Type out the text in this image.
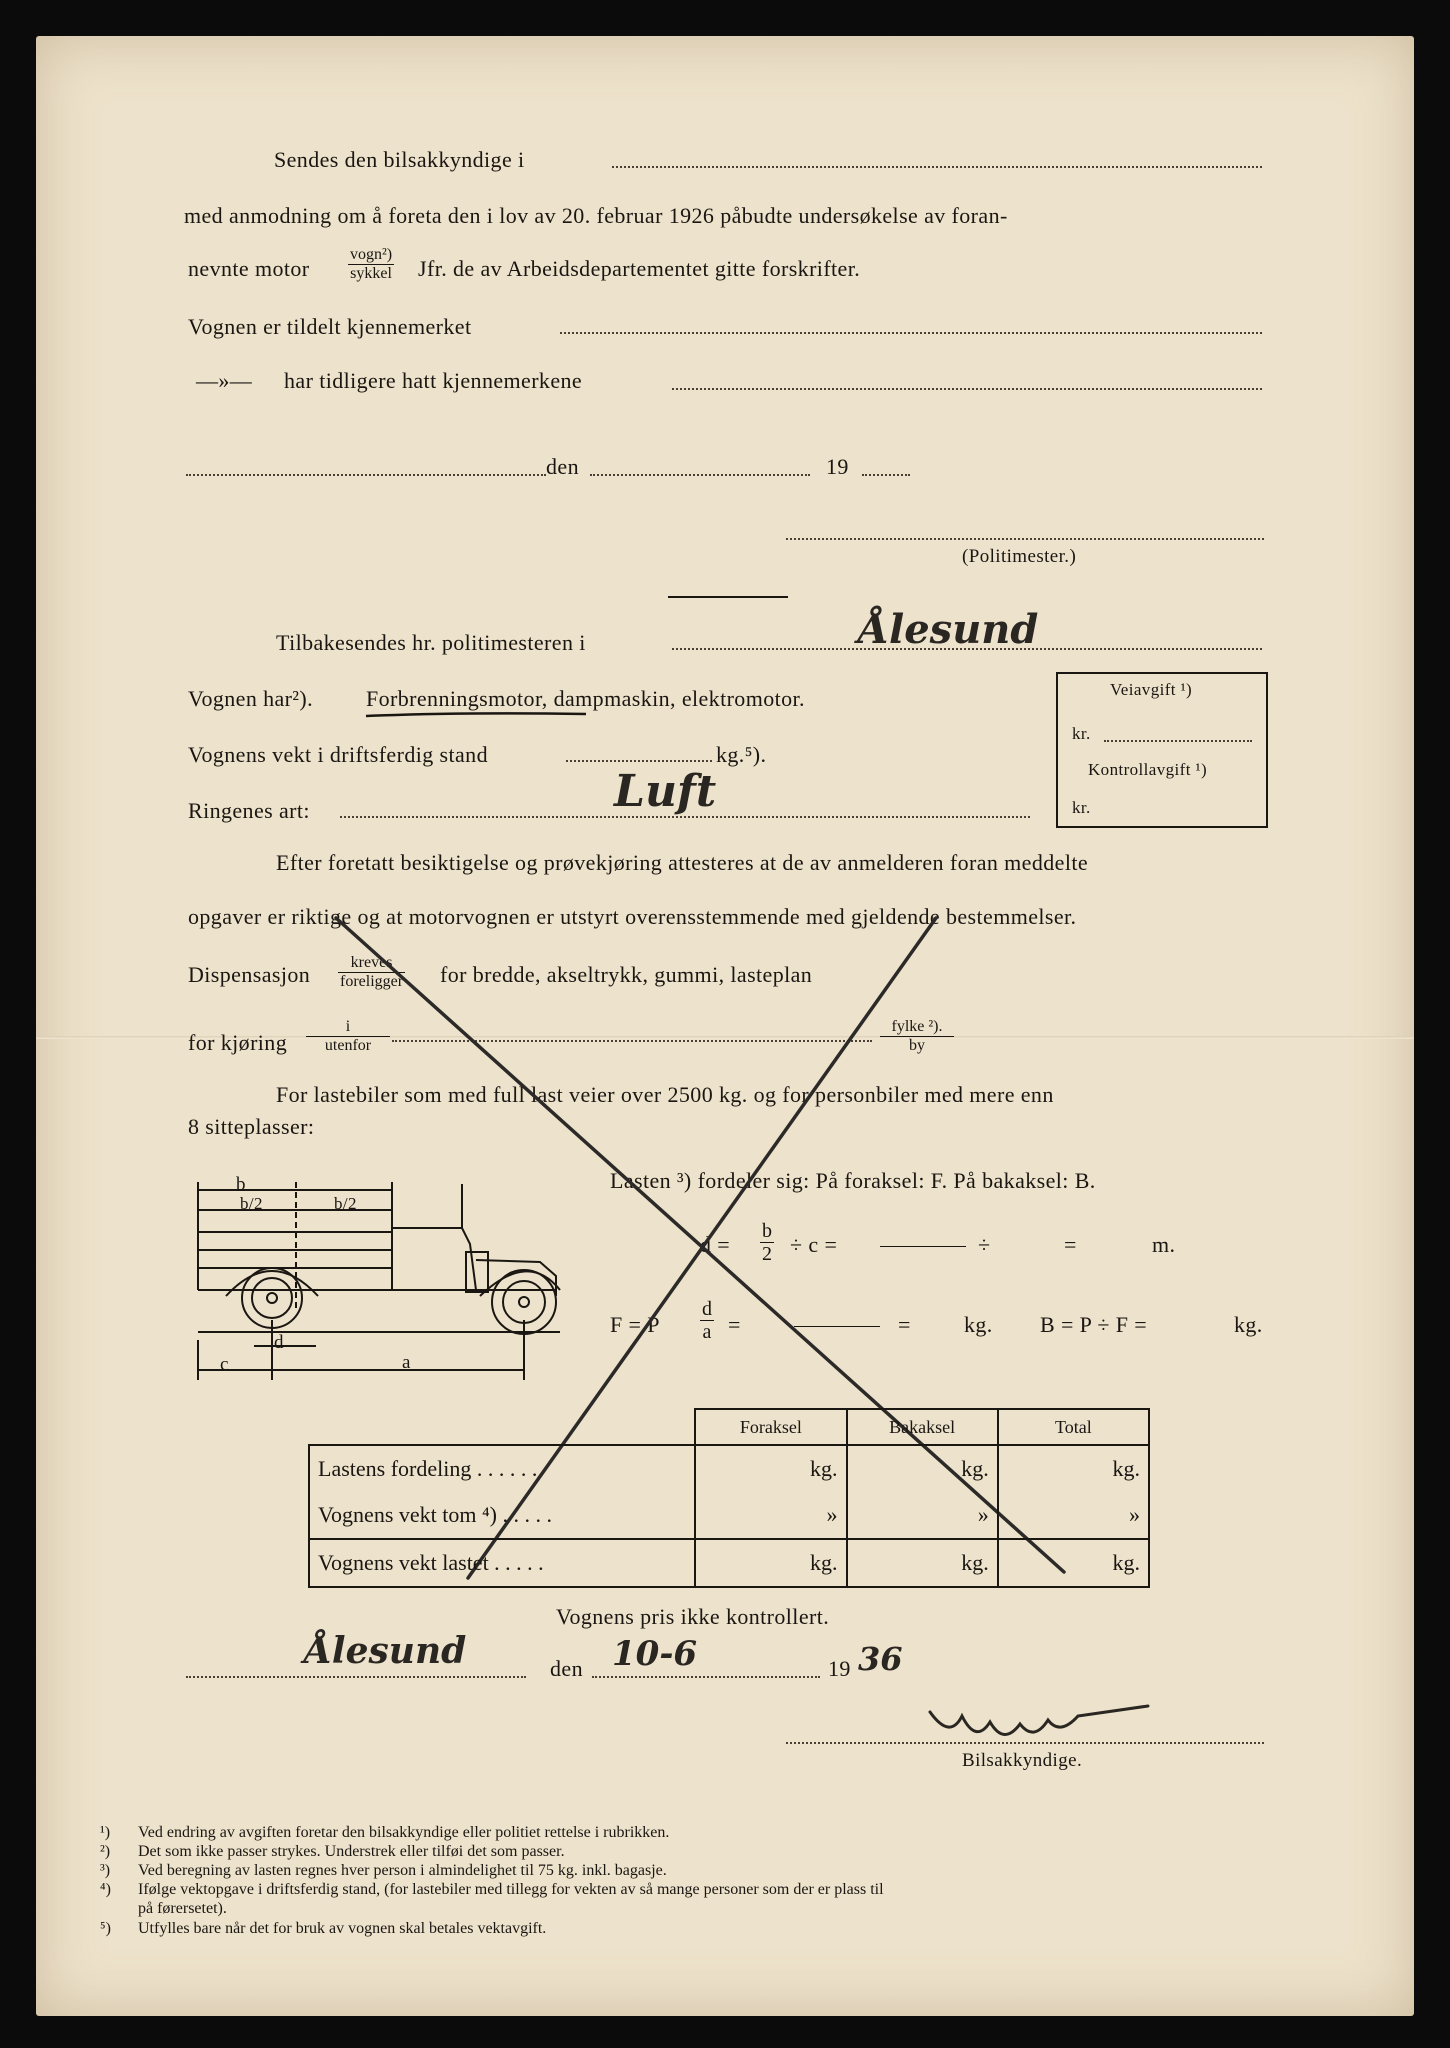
Sendes den bilsakkyndige i
med anmodning om å foreta den i lov av 20. februar 1926 påbudte undersøkelse av foran-
nevnte motor
vogn²)
sykkel Jfr. de av Arbeidsdepartementet gitte forskrifter.
Vognen er tildelt kjennemerket
—»— har tidligere hatt kjennemerkene
den	19
(Politimester.)
Tilbakesendes hr. politimesteren i	Ålesund
Vognen har²). Forbrenningsmotor, dampmaskin, elektromotor.
Vognens vekt i driftsferdig stand	kg.⁵).
Ringenes art:	Luft
Veiavgift ¹)
kr.
Kontrollavgift ¹)
kr.
Efter foretatt besiktigelse og prøvekjøring attesteres at de av anmelderen foran meddelte
opgaver er riktige og at motorvognen er utstyrt overensstemmende med gjeldende bestemmelser.
Dispensasjon	kreves
foreligger for bredde, akseltrykk, gummi, lasteplan
for kjøring
i
utenfor
fylke ²).
by
For lastebiler som med full last veier over 2500 kg. og for personbiler med mere enn
8 sitteplasser:
Lasten ³) fordeler sig: På foraksel: F. På bakaksel: B.
$d = \frac{b}{2} \div c$ =	÷	=	m.
F = P $\frac{d}{a}$ =	= kg. B = P ÷ F =	kg.
b
b/2	b/2
c
d
a
	Foraksel	Bakaksel	Total
Lastens fordeling . . . . . .	kg.	kg.	kg.
Vognens vekt tom ⁴) . . . . .	»	»	»
Vognens vekt lastet . . . . .	kg.	kg.	kg.
Vognens pris ikke kontrollert.
Ålesund	den 10-6	19 36
Bilsakkyndige.
¹) Ved endring av avgiften foretar den bilsakkyndige eller politiet rettelse i rubrikken.
²) Det som ikke passer strykes. Understrek eller tilføi det som passer.
³) Ved beregning av lasten regnes hver person i almindelighet til 75 kg. inkl. bagasje.
⁴) Ifølge vektopgave i driftsferdig stand, (for lastebiler med tillegg for vekten av så mange personer som der er plass til
på førersetet).
⁵) Utfylles bare når det for bruk av vognen skal betales vektavgift.
